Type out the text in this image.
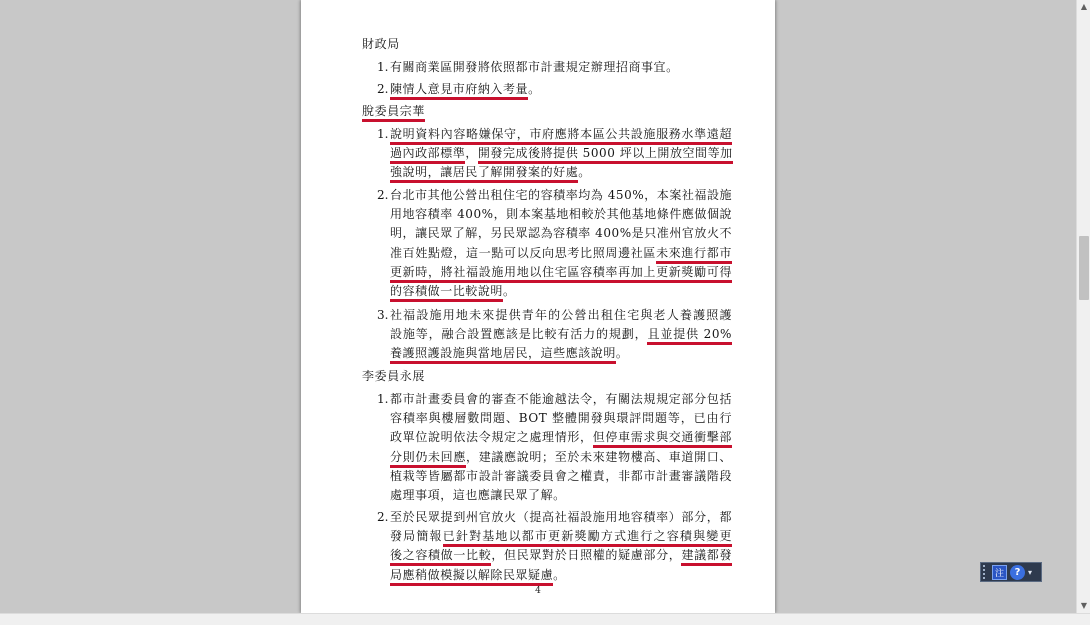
財政局
1. 有關商業區開發將依照都市計畫規定辦理招商事宜。
2. 陳情人意見市府納入考量。
脫委員宗華
1. 說明資料內容略嫌保守，市府應將本區公共設施服務水準遠超
過內政部標準，開發完成後將提供 5000 坪以上開放空間等加
強說明，讓居民了解開發案的好處。
2. 台北市其他公營出租住宅的容積率均為 450%，本案社福設施
用地容積率 400%，則本案基地相較於其他基地條件應做個說
明，讓民眾了解，另民眾認為容積率 400%是只准州官放火不
准百姓點燈，這一點可以反向思考比照周邊社區未來進行都市
更新時，將社福設施用地以住宅區容積率再加上更新獎勵可得
的容積做一比較說明。
3. 社福設施用地未來提供青年的公營出租住宅與老人養護照護
設施等，融合設置應該是比較有活力的規劃，且並提供 20%
養護照護設施與當地居民，這些應該說明。
李委員永展
1. 都市計畫委員會的審查不能逾越法令，有關法規規定部分包括
容積率與樓層數問題、BOT 整體開發與環評問題等，已由行
政單位說明依法令規定之處理情形，但停車需求與交通衝擊部
分則仍未回應，建議應說明；至於未來建物樓高、車道開口、
植栽等皆屬都市設計審議委員會之權責，非都市計畫審議階段
處理事項，這也應讓民眾了解。
2. 至於民眾提到州官放火（提高社福設施用地容積率）部分，都
發局簡報已針對基地以都市更新獎勵方式進行之容積與變更
後之容積做一比較，但民眾對於日照權的疑慮部分，建議都發
局應稍做模擬以解除民眾疑慮。
4
▲
▼
注	? ▾
